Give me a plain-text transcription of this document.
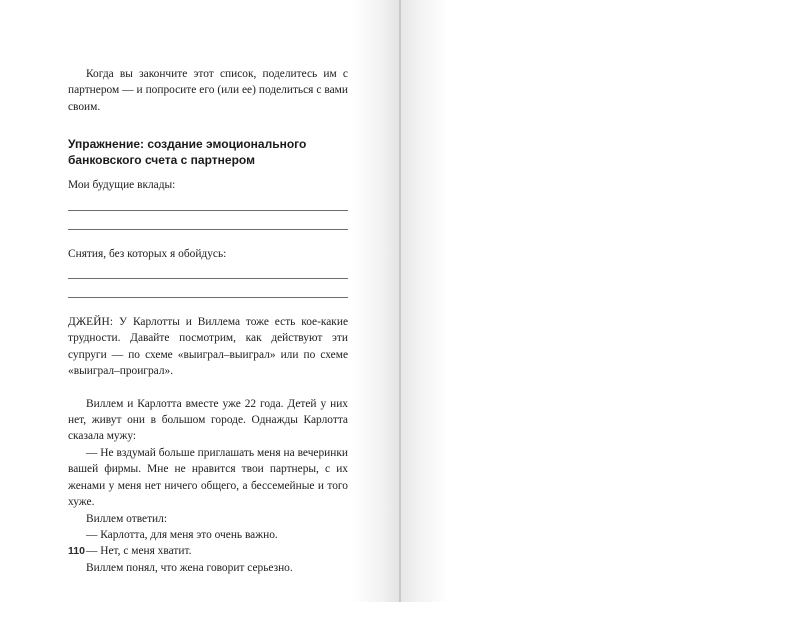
Когда вы закончите этот список, поделитесь им с партнером — и попросите его (или ее) поделиться с вами своим.

Упражнение: создание эмоционального банковского счета с партнером

Мои будущие вклады:

Снятия, без которых я обойдусь:

ДЖЕЙН: У Карлотты и Виллема тоже есть кое-какие трудности. Давайте посмотрим, как действуют эти супруги — по схеме «выиграл–выиграл» или по схеме «выиграл–проиграл».

Виллем и Карлотта вместе уже 22 года. Детей у них нет, живут они в большом городе. Однажды Карлотта сказала мужу:

— Не вздумай больше приглашать меня на вечеринки вашей фирмы. Мне не нравится твои партнеры, с их женами у меня нет ничего общего, а бессемейные и того хуже.

Виллем ответил:

— Карлотта, для меня это очень важно.

— Нет, с меня хватит.

Виллем понял, что жена говорит серьезно.

110
